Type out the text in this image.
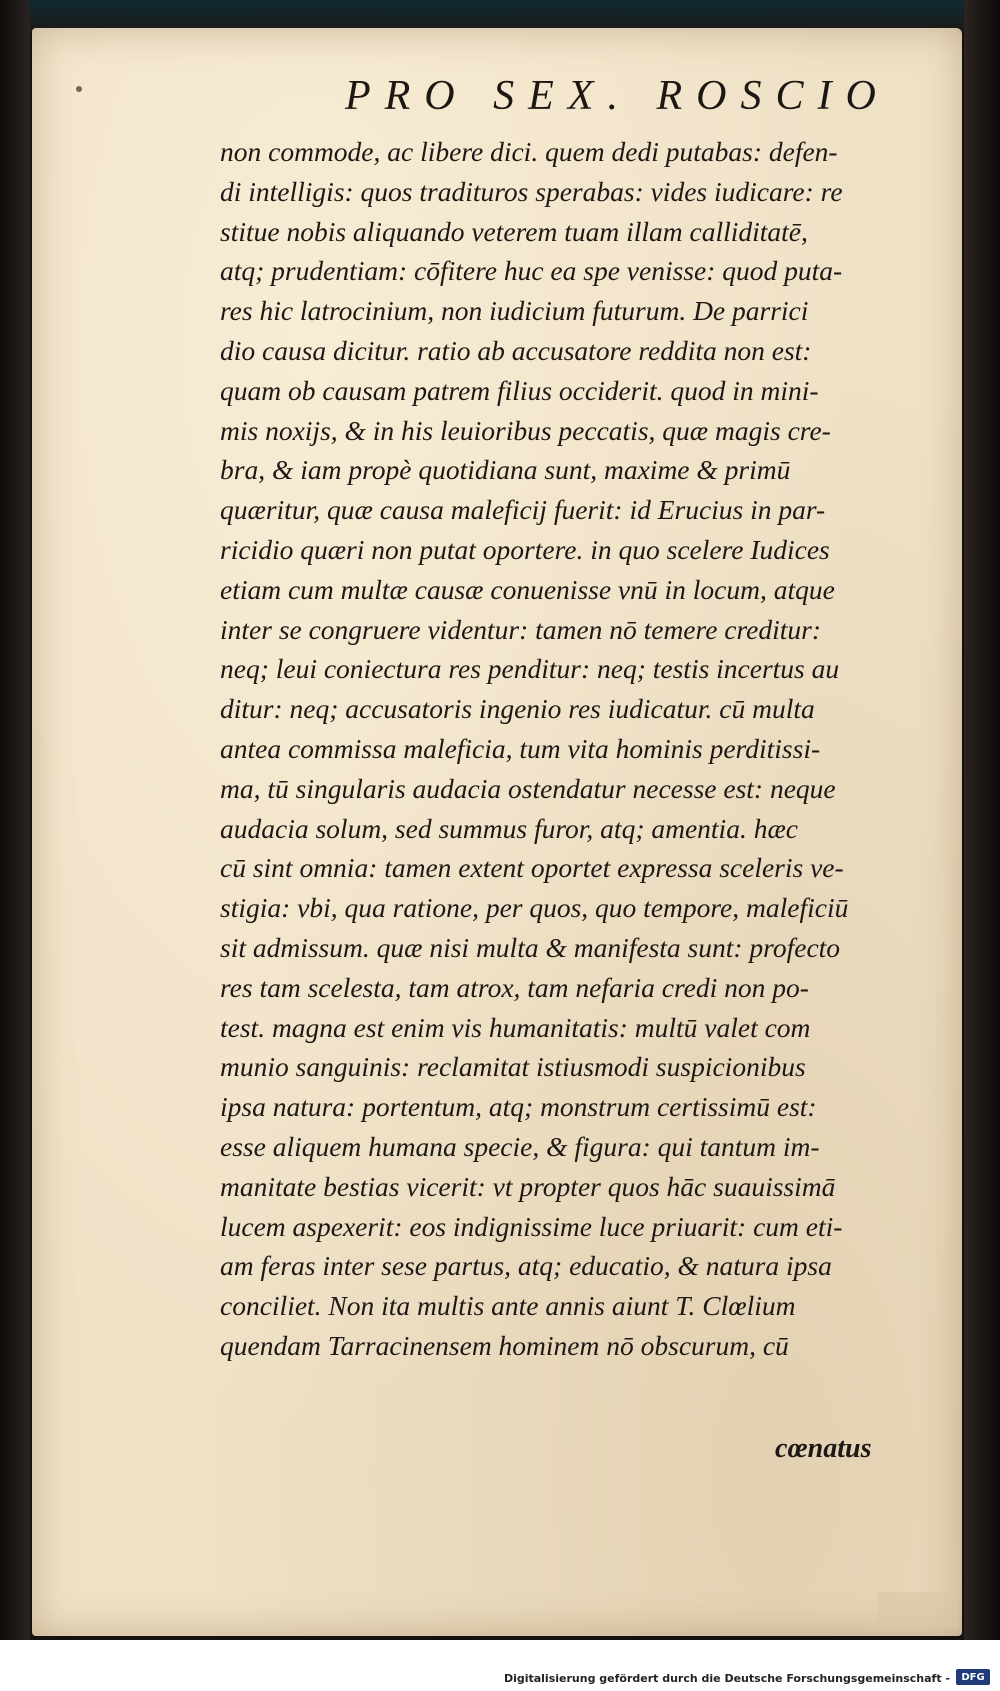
PRO SEX. ROSCIO
non commode, ac libere dici. quem dedi putabas: defen-
di intelligis: quos tradituros sperabas: vides iudicare: re
stitue nobis aliquando veterem tuam illam calliditatē,
atq; prudentiam: cōfitere huc ea spe venisse: quod puta-
res hic latrocinium, non iudicium futurum. De parrici
dio causa dicitur. ratio ab accusatore reddita non est:
quam ob causam patrem filius occiderit. quod in mini-
mis noxijs, & in his leuioribus peccatis, quæ magis cre-
bra, & iam propè quotidiana sunt, maxime & primū
quæritur, quæ causa maleficij fuerit: id Erucius in par-
ricidio quæri non putat oportere. in quo scelere Iudices
etiam cum multæ causæ conuenisse vnū in locum, atque
inter se congruere videntur: tamen nō temere creditur:
neq; leui coniectura res penditur: neq; testis incertus au
ditur: neq; accusatoris ingenio res iudicatur. cū multa
antea commissa maleficia, tum vita hominis perditissi-
ma, tū singularis audacia ostendatur necesse est: neque
audacia solum, sed summus furor, atq; amentia. hæc
cū sint omnia: tamen extent oportet expressa sceleris ve-
stigia: vbi, qua ratione, per quos, quo tempore, maleficiū
sit admissum. quæ nisi multa & manifesta sunt: profecto
res tam scelesta, tam atrox, tam nefaria credi non po-
test. magna est enim vis humanitatis: multū valet com
munio sanguinis: reclamitat istiusmodi suspicionibus
ipsa natura: portentum, atq; monstrum certissimū est:
esse aliquem humana specie, & figura: qui tantum im-
manitate bestias vicerit: vt propter quos hāc suauissimā
lucem aspexerit: eos indignissime luce priuarit: cum eti-
am feras inter sese partus, atq; educatio, & natura ipsa
conciliet. Non ita multis ante annis aiunt T. Clœlium
quendam Tarracinensem hominem nō obscurum, cū
cœnatus
Digitalisierung gefördert durch die Deutsche Forschungsgemeinschaft -	DFG
